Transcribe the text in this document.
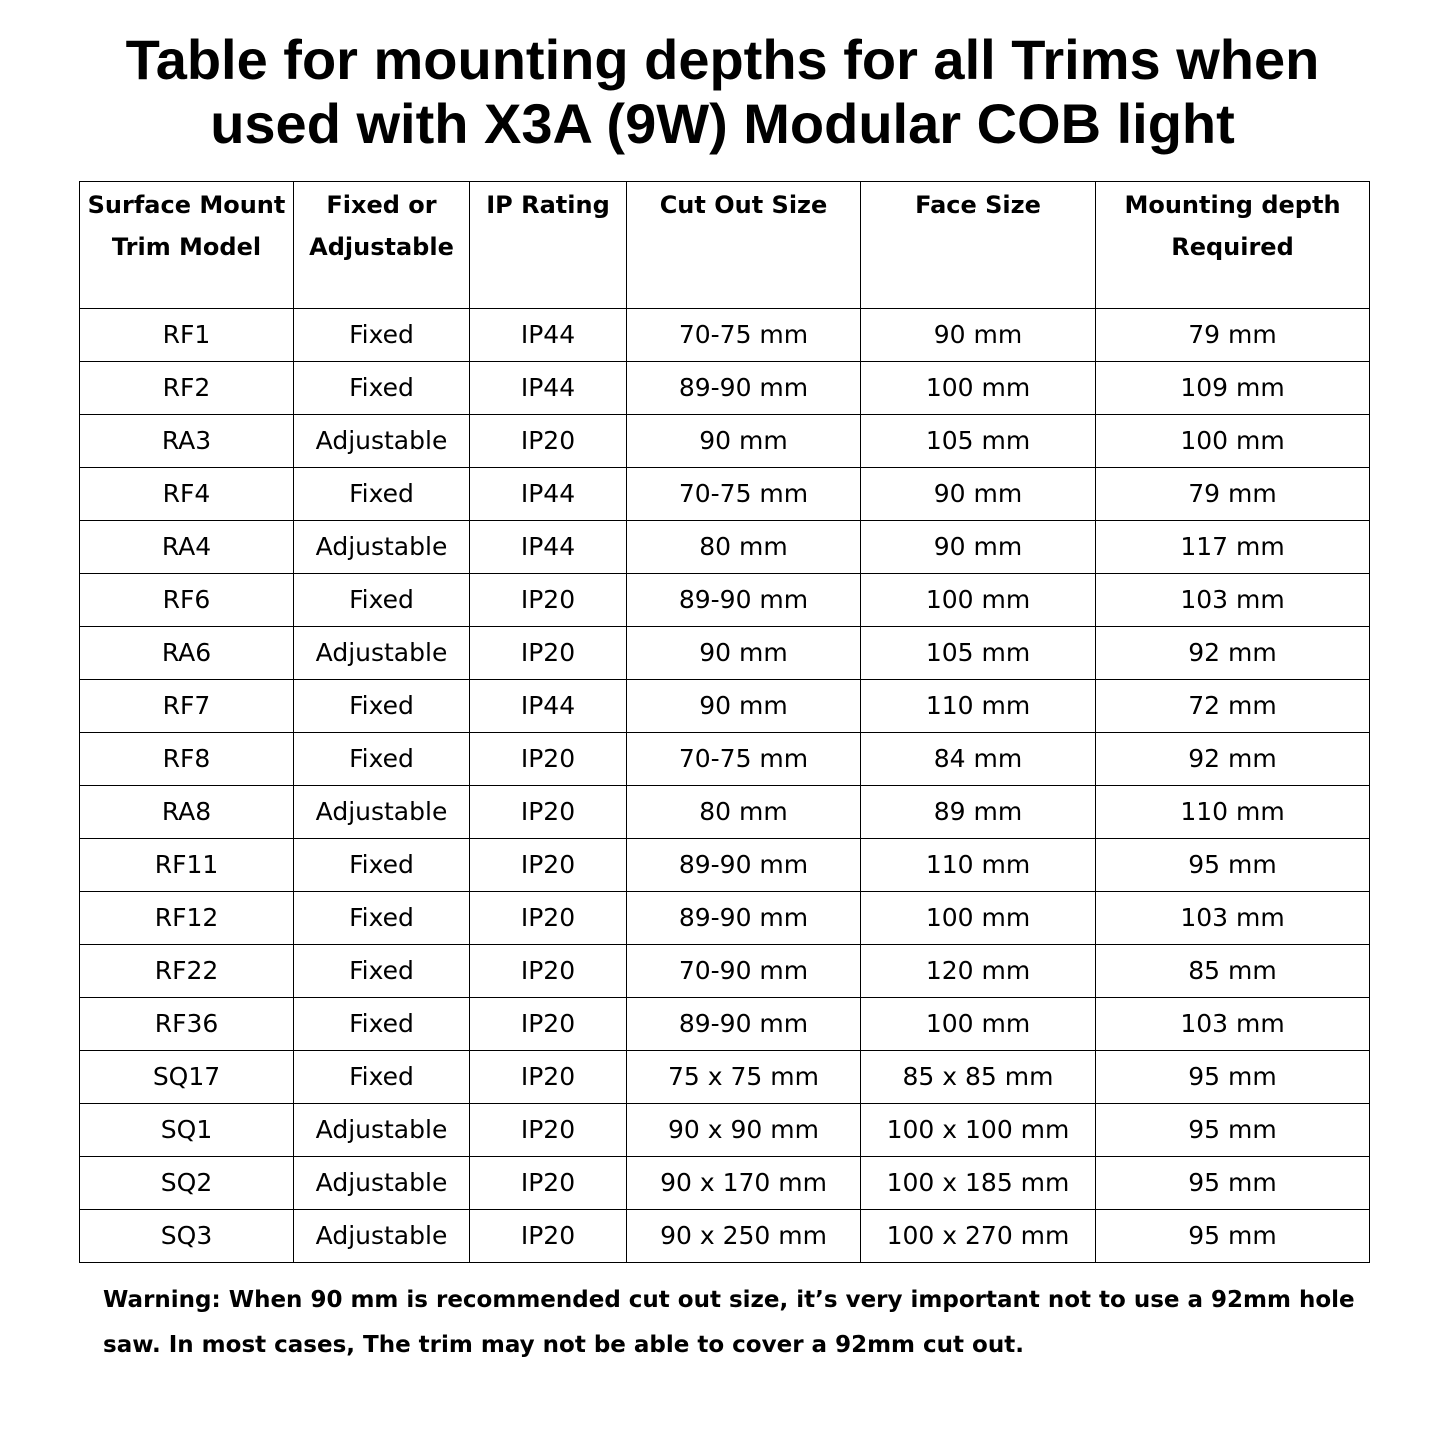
Table for mounting depths for all Trims when
used with X3A (9W) Modular COB light
Surface Mount Trim Model	Fixed or Adjustable	IP Rating	Cut Out Size	Face Size	Mounting depth Required
RF1	Fixed	IP44	70-75 mm	90 mm	79 mm
RF2	Fixed	IP44	89-90 mm	100 mm	109 mm
RA3	Adjustable	IP20	90 mm	105 mm	100 mm
RF4	Fixed	IP44	70-75 mm	90 mm	79 mm
RA4	Adjustable	IP44	80 mm	90 mm	117 mm
RF6	Fixed	IP20	89-90 mm	100 mm	103 mm
RA6	Adjustable	IP20	90 mm	105 mm	92 mm
RF7	Fixed	IP44	90 mm	110 mm	72 mm
RF8	Fixed	IP20	70-75 mm	84 mm	92 mm
RA8	Adjustable	IP20	80 mm	89 mm	110 mm
RF11	Fixed	IP20	89-90 mm	110 mm	95 mm
RF12	Fixed	IP20	89-90 mm	100 mm	103 mm
RF22	Fixed	IP20	70-90 mm	120 mm	85 mm
RF36	Fixed	IP20	89-90 mm	100 mm	103 mm
SQ17	Fixed	IP20	75 x 75 mm	85 x 85 mm	95 mm
SQ1	Adjustable	IP20	90 x 90 mm	100 x 100 mm	95 mm
SQ2	Adjustable	IP20	90 x 170 mm	100 x 185 mm	95 mm
SQ3	Adjustable	IP20	90 x 250 mm	100 x 270 mm	95 mm

Warning: When 90 mm is recommended cut out size, it’s very important not to use a 92mm hole saw. In most cases, The trim may not be able to cover a 92mm cut out.
